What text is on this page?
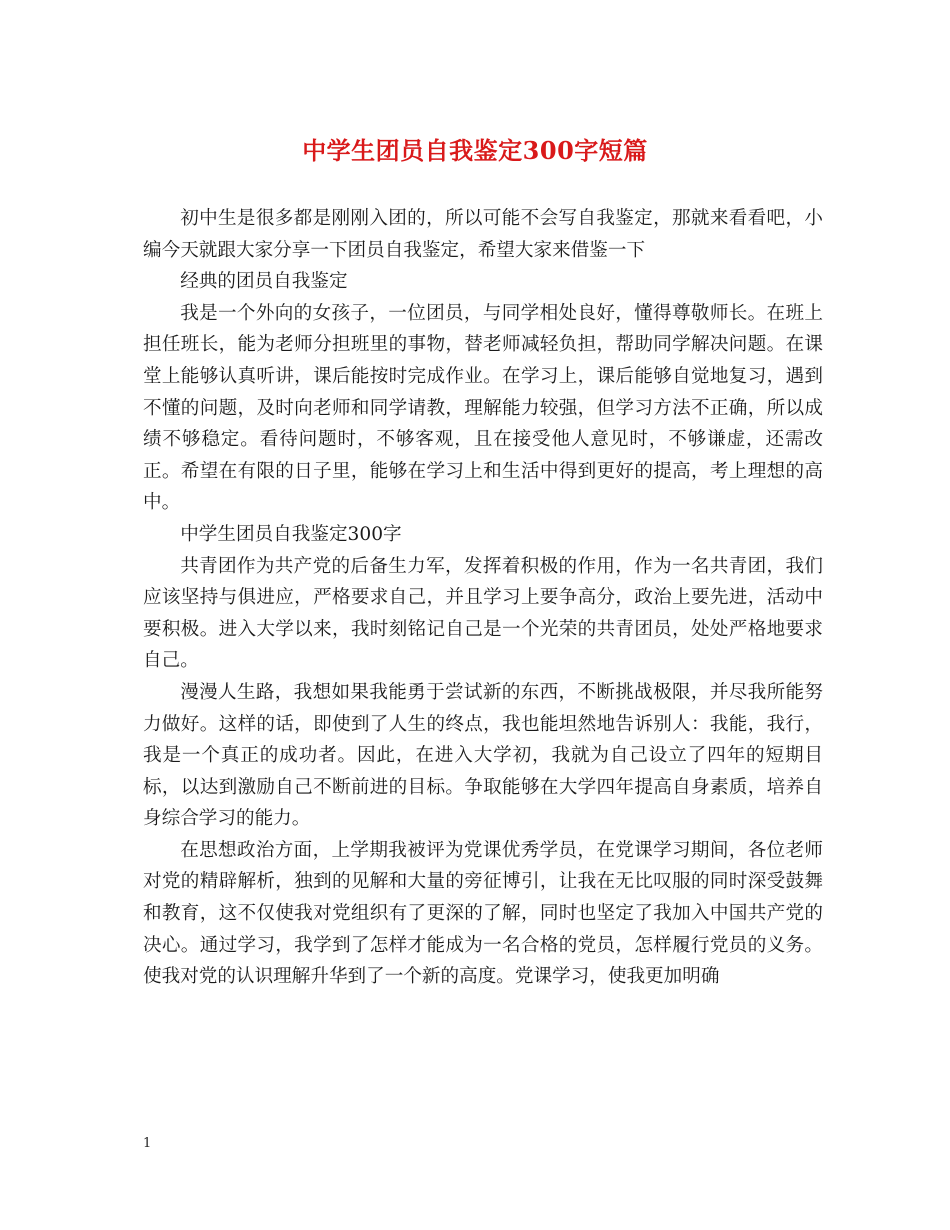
中学生团员自我鉴定300字短篇

初中生是很多都是刚刚入团的，所以可能不会写自我鉴定，那就来看看吧，小编今天就跟大家分享一下团员自我鉴定，希望大家来借鉴一下

经典的团员自我鉴定

我是一个外向的女孩子，一位团员，与同学相处良好，懂得尊敬师长。在班上担任班长，能为老师分担班里的事物，替老师减轻负担，帮助同学解决问题。在课堂上能够认真听讲，课后能按时完成作业。在学习上，课后能够自觉地复习，遇到不懂的问题，及时向老师和同学请教，理解能力较强，但学习方法不正确，所以成绩不够稳定。看待问题时，不够客观，且在接受他人意见时，不够谦虚，还需改正。希望在有限的日子里，能够在学习上和生活中得到更好的提高，考上理想的高中。

中学生团员自我鉴定300字

共青团作为共产党的后备生力军，发挥着积极的作用，作为一名共青团，我们应该坚持与俱进应，严格要求自己，并且学习上要争高分，政治上要先进，活动中要积极。进入大学以来，我时刻铭记自己是一个光荣的共青团员，处处严格地要求自己。

漫漫人生路，我想如果我能勇于尝试新的东西，不断挑战极限，并尽我所能努力做好。这样的话，即使到了人生的终点，我也能坦然地告诉别人：我能，我行，我是一个真正的成功者。因此，在进入大学初，我就为自己设立了四年的短期目标，以达到激励自己不断前进的目标。争取能够在大学四年提高自身素质，培养自身综合学习的能力。

在思想政治方面，上学期我被评为党课优秀学员，在党课学习期间，各位老师对党的精辟解析，独到的见解和大量的旁征博引，让我在无比叹服的同时深受鼓舞和教育，这不仅使我对党组织有了更深的了解，同时也坚定了我加入中国共产党的决心。通过学习，我学到了怎样才能成为一名合格的党员，怎样履行党员的义务。使我对党的认识理解升华到了一个新的高度。党课学习，使我更加明确

1
